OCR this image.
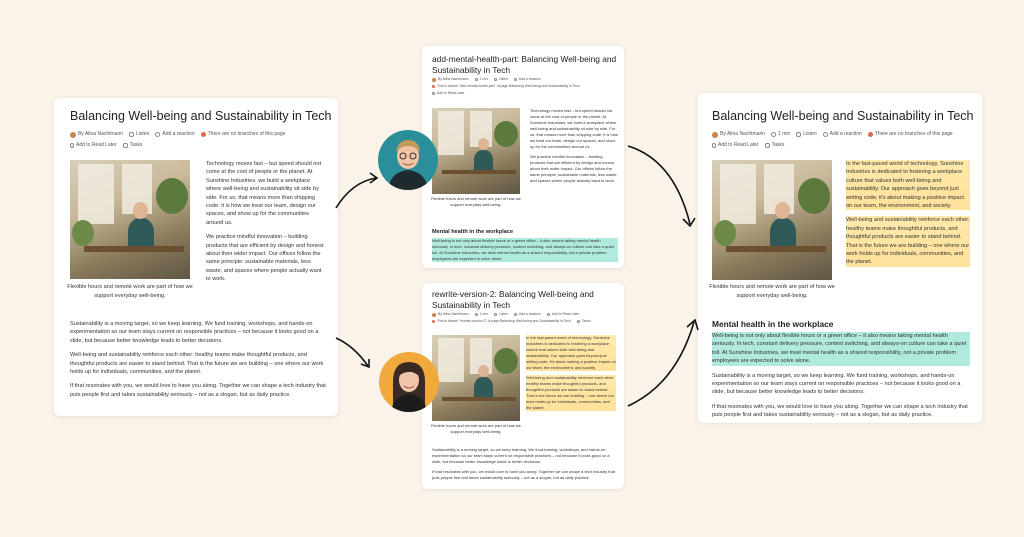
Balancing Well-being and Sustainability in Tech
By Alina Nachtmann	Listen	Add a reaction	There are no branches of this page
Add to Read Later	Tasks
Flexible hours and remote work are part of how we support everyday well-being.

Technology moves fast – but speed should not come at the cost of people or the planet. At Sunshine Industries, we build a workplace where well-being and sustainability sit side by side. For us, that means more than shipping code: it is how we treat our team, design our spaces, and show up for the communities around us.

We practice mindful innovation – building products that are efficient by design and honest about their wider impact. Our offices follow the same principle: sustainable materials, less waste, and spaces where people actually want to work.

Sustainability is a moving target, so we keep learning. We fund training, workshops, and hands-on experimentation so our team stays current on responsible practices – not because it looks good on a slide, but because better knowledge leads to better decisions.

Well-being and sustainability reinforce each other: healthy teams make thoughtful products, and thoughtful products are easier to stand behind. That is the future we are building – one where our work holds up for individuals, communities, and the planet.

If that resonates with you, we would love to have you along. Together we can shape a tech industry that puts people first and takes sustainability seriously – not as a slogan, but as daily practice.

add-mental-health-part: Balancing Well-being and Sustainability in Tech
By Alina Nachtmann	1 min	Listen	Add a reaction
This is branch "add-mental-health-part" of page Balancing Well-being and Sustainability in Tech
Add to Read Later
Flexible hours and remote work are part of how we support everyday well-being.

Technology moves fast – but speed should not come at the cost of people or the planet. At Sunshine Industries, we build a workplace where well-being and sustainability sit side by side. For us, that means more than shipping code: it is how we treat our team, design our spaces, and show up for the communities around us.

We practice mindful innovation – building products that are efficient by design and honest about their wider impact. Our offices follow the same principle: sustainable materials, less waste, and spaces where people actually want to work.

Mental health in the workplace

Well-being is not only about flexible hours or a green office – it also means taking mental health seriously. In tech, constant delivery pressure, context switching, and always-on culture can take a quiet toll. At Sunshine Industries, we treat mental health as a shared responsibility, not a private problem employees are expected to solve alone.

rewrite-version-2: Balancing Well-being and Sustainability in Tech
By Alina Nachtmann	1 min	Listen	Add a reaction	Add to Read Later
This is branch "rewrite-version-2" of page Balancing Well-being and Sustainability in Tech	Tasks
Flexible hours and remote work are part of how we support everyday well-being.

In the fast-paced world of technology, Sunshine Industries is dedicated to fostering a workplace culture that values both well-being and sustainability. Our approach goes beyond just writing code; it's about making a positive impact on our team, the environment, and society.

Well-being and sustainability reinforce each other: healthy teams make thoughtful products, and thoughtful products are easier to stand behind. That is the future we are building – one where our work holds up for individuals, communities, and the planet.

Sustainability is a moving target, so we keep learning. We fund training, workshops, and hands-on experimentation so our team stays current on responsible practices – not because it looks good on a slide, but because better knowledge leads to better decisions.

If that resonates with you, we would love to have you along. Together we can shape a tech industry that puts people first and takes sustainability seriously – not as a slogan, but as daily practice.

Balancing Well-being and Sustainability in Tech
By Alina Nachtmann	1 min	Listen	Add a reaction	There are no branches of this page
Add to Read Later	Tasks
Flexible hours and remote work are part of how we support everyday well-being.

In the fast-paced world of technology, Sunshine Industries is dedicated to fostering a workplace culture that values both well-being and sustainability. Our approach goes beyond just writing code; it's about making a positive impact on our team, the environment, and society.

Well-being and sustainability reinforce each other: healthy teams make thoughtful products, and thoughtful products are easier to stand behind. That is the future we are building – one where our work holds up for individuals, communities, and the planet.

Mental health in the workplace

Well-being is not only about flexible hours or a green office – it also means taking mental health seriously. In tech, constant delivery pressure, context switching, and always-on culture can take a quiet toll. At Sunshine Industries, we treat mental health as a shared responsibility, not a private problem employees are expected to solve alone.

Sustainability is a moving target, so we keep learning. We fund training, workshops, and hands-on experimentation so our team stays current on responsible practices – not because it looks good on a slide, but because better knowledge leads to better decisions.

If that resonates with you, we would love to have you along. Together we can shape a tech industry that puts people first and takes sustainability seriously – not as a slogan, but as daily practice.
